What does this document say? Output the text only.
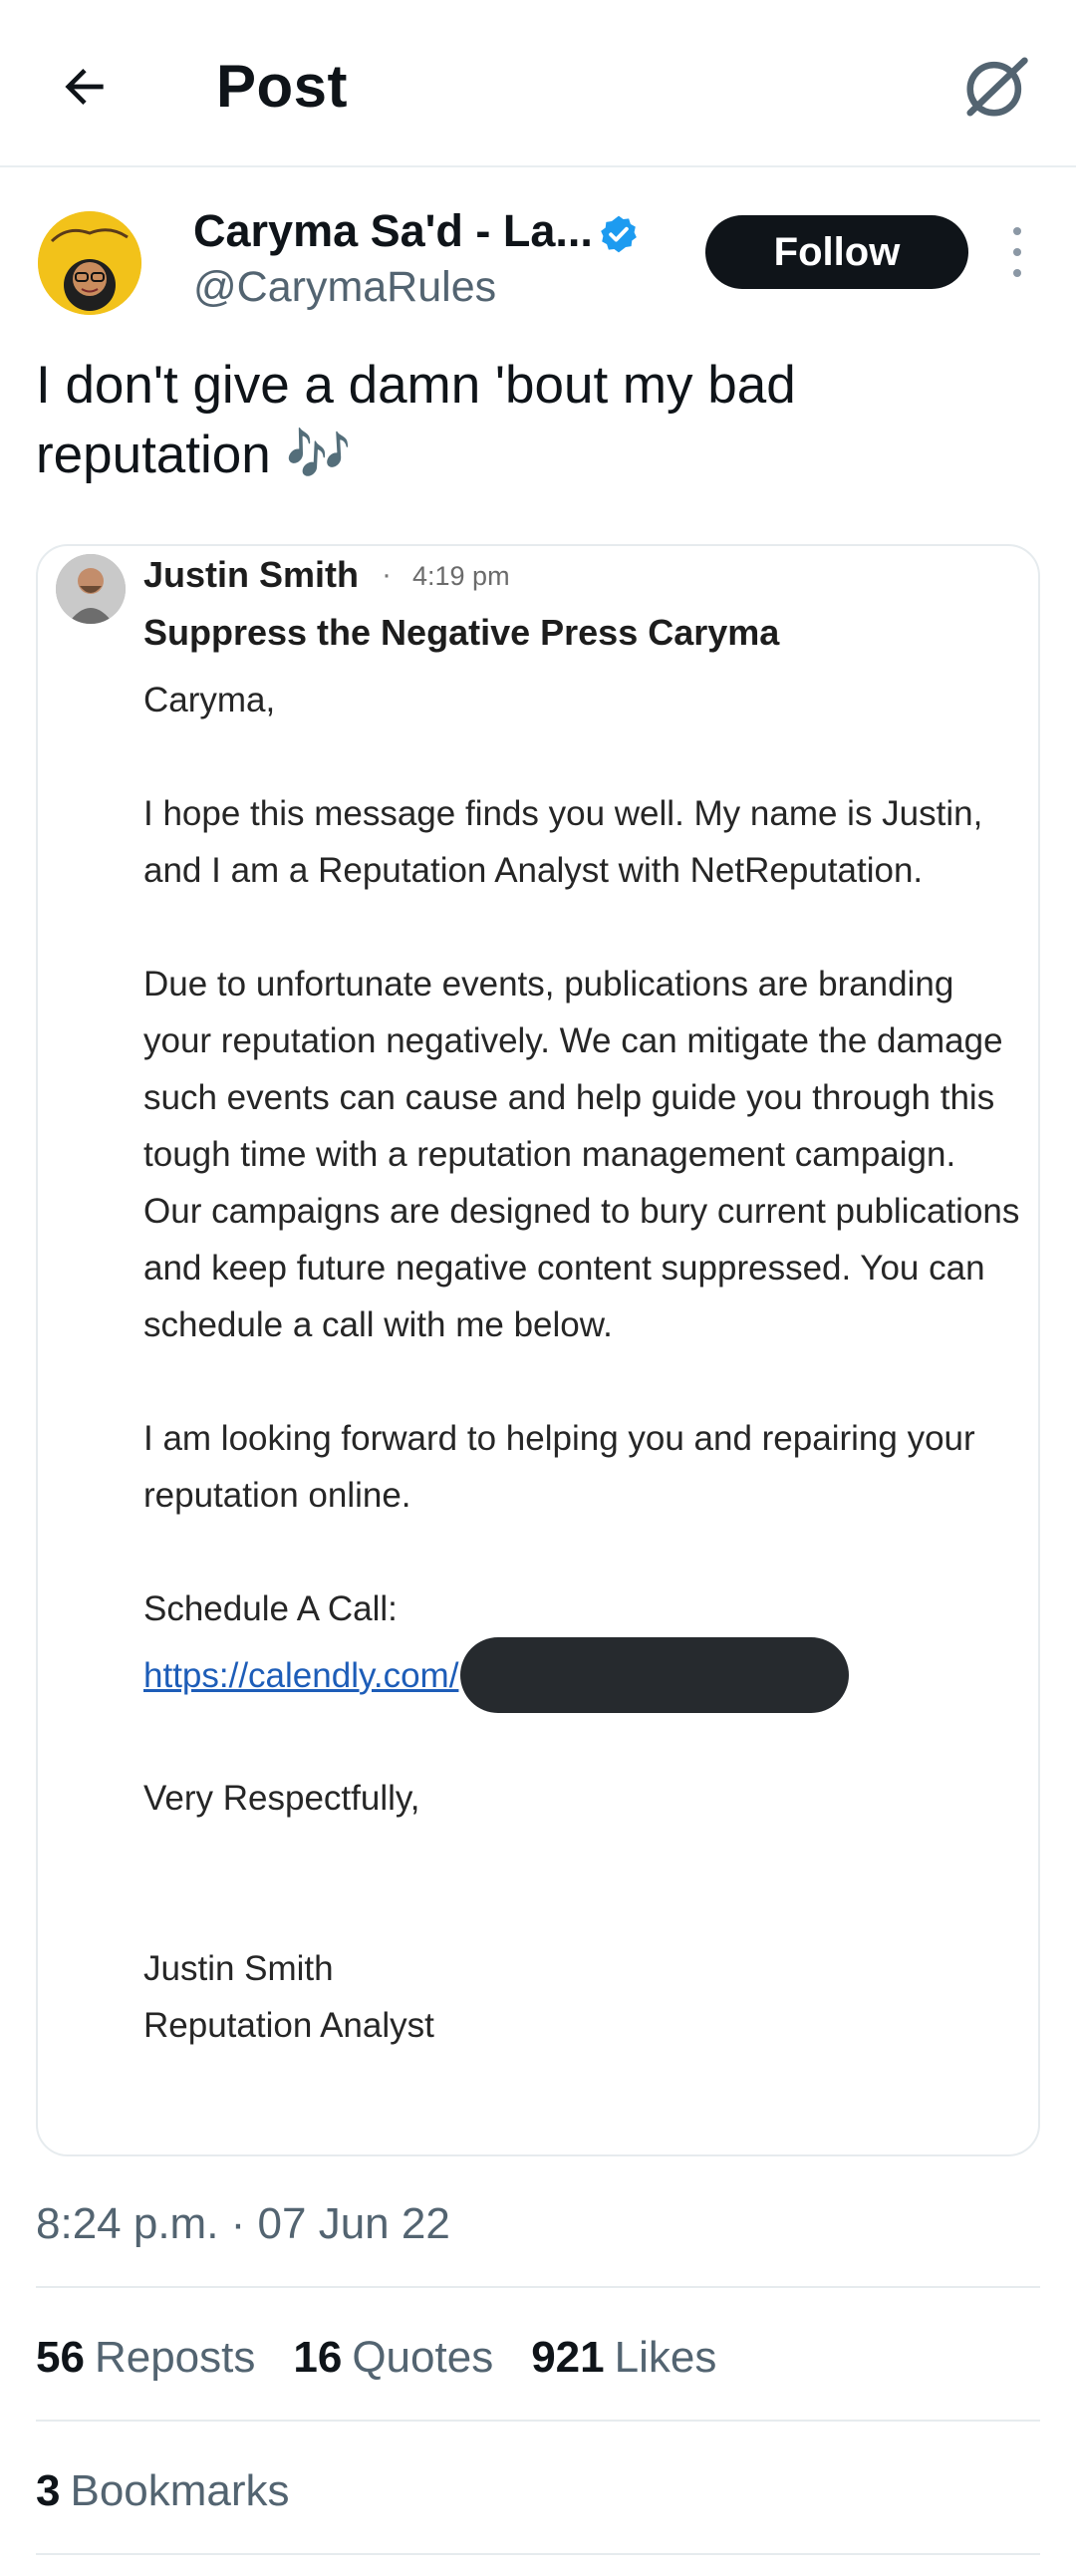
Post
Caryma Sa'd - La...
@CarymaRules
Follow
I don't give a damn 'bout my bad reputation 🎶
Justin Smith · 4:19 pm
Suppress the Negative Press Caryma

Caryma,

I hope this message finds you well. My name is Justin, and I am a Reputation Analyst with NetReputation.

Due to unfortunate events, publications are branding your reputation negatively. We can mitigate the damage such events can cause and help guide you through this tough time with a reputation management campaign. Our campaigns are designed to bury current publications and keep future negative content suppressed. You can schedule a call with me below.

I am looking forward to helping you and repairing your reputation online.

Schedule A Call:
https://calendly.com/
Very Respectfully,
Justin Smith
Reputation Analyst
8:24 p.m. · 07 Jun 22
56 Reposts 16 Quotes 921 Likes
3 Bookmarks
